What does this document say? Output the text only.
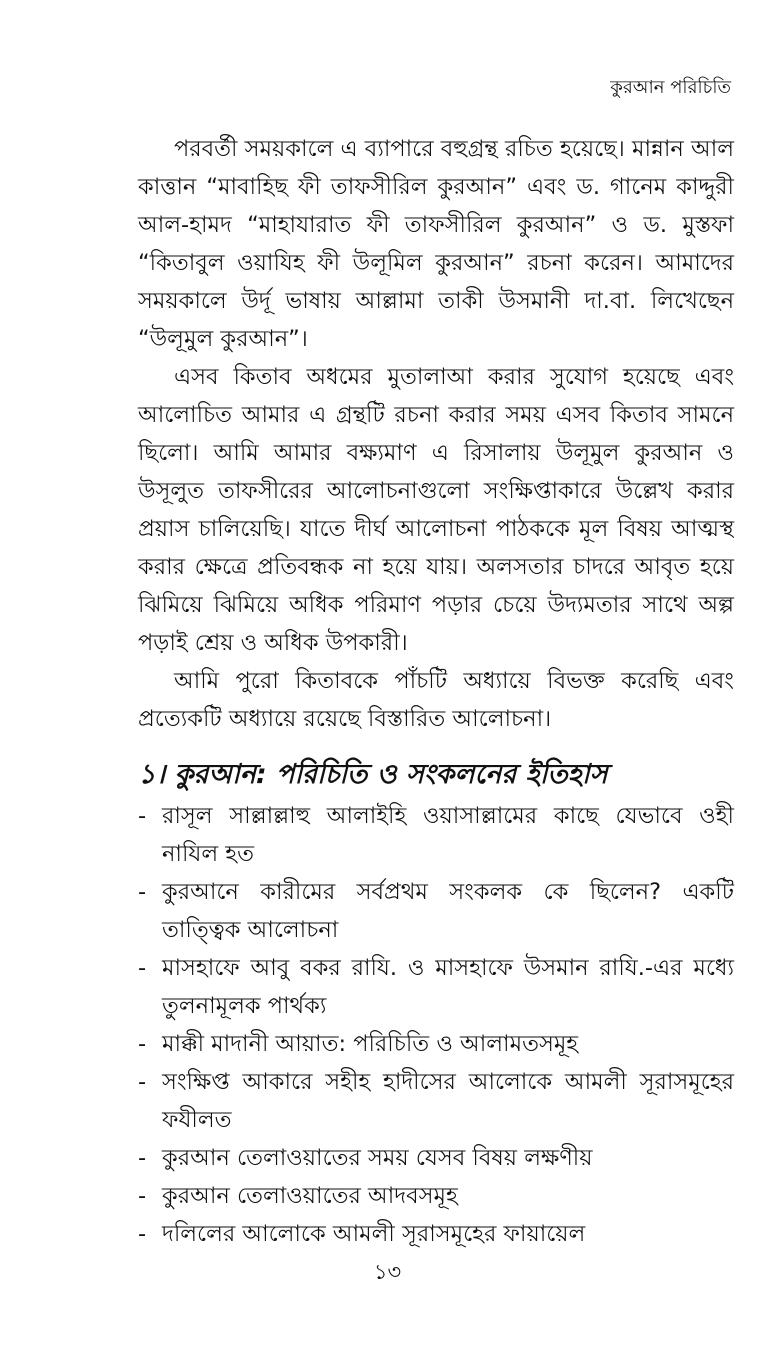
কুরআন পরিচিতি

পরবর্তী সময়কালে এ ব্যাপারে বহুগ্রন্থ রচিত হয়েছে। মান্নান আল কাত্তান “মাবাহিছ ফী তাফসীরিল কুরআন” এবং ড. গানেম কাদ্দুরী আল-হামদ “মাহাযারাত ফী তাফসীরিল কুরআন” ও ড. মুস্তফা “কিতাবুল ওয়াযিহ ফী উলূমিল কুরআন” রচনা করেন। আমাদের সময়কালে উর্দূ ভাষায় আল্লামা তাকী উসমানী দা.বা. লিখেছেন “উলূমুল কুরআন”।

এসব কিতাব অধমের মুতালাআ করার সুযোগ হয়েছে এবং আলোচিত আমার এ গ্রন্থটি রচনা করার সময় এসব কিতাব সামনে ছিলো। আমি আমার বক্ষ্যমাণ এ রিসালায় উলূমুল কুরআন ও উসূলুত তাফসীরের আলোচনাগুলো সংক্ষিপ্তাকারে উল্লেখ করার প্রয়াস চালিয়েছি। যাতে দীর্ঘ আলোচনা পাঠককে মূল বিষয় আত্মস্থ করার ক্ষেত্রে প্রতিবন্ধক না হয়ে যায়। অলসতার চাদরে আবৃত হয়ে ঝিমিয়ে ঝিমিয়ে অধিক পরিমাণ পড়ার চেয়ে উদ্যমতার সাথে অল্প পড়াই শ্রেয় ও অধিক উপকারী।

আমি পুরো কিতাবকে পাঁচটি অধ্যায়ে বিভক্ত করেছি এবং প্রত্যেকটি অধ্যায়ে রয়েছে বিস্তারিত আলোচনা।

১। কুরআন: পরিচিতি ও সংকলনের ইতিহাস
- রাসূল সাল্লাল্লাহু আলাইহি ওয়াসাল্লামের কাছে যেভাবে ওহী নাযিল হত
- কুরআনে কারীমের সর্বপ্রথম সংকলক কে ছিলেন? একটি তাত্ত্বিক আলোচনা
- মাসহাফে আবু বকর রাযি. ও মাসহাফে উসমান রাযি.-এর মধ্যে তুলনামূলক পার্থক্য
- মাক্কী মাদানী আয়াত: পরিচিতি ও আলামতসমূহ
- সংক্ষিপ্ত আকারে সহীহ হাদীসের আলোকে আমলী সূরাসমূহের ফযীলত
- কুরআন তেলাওয়াতের সময় যেসব বিষয় লক্ষণীয়
- কুরআন তেলাওয়াতের আদবসমূহ
- দলিলের আলোকে আমলী সূরাসমূহের ফায়ায়েল
১৩
